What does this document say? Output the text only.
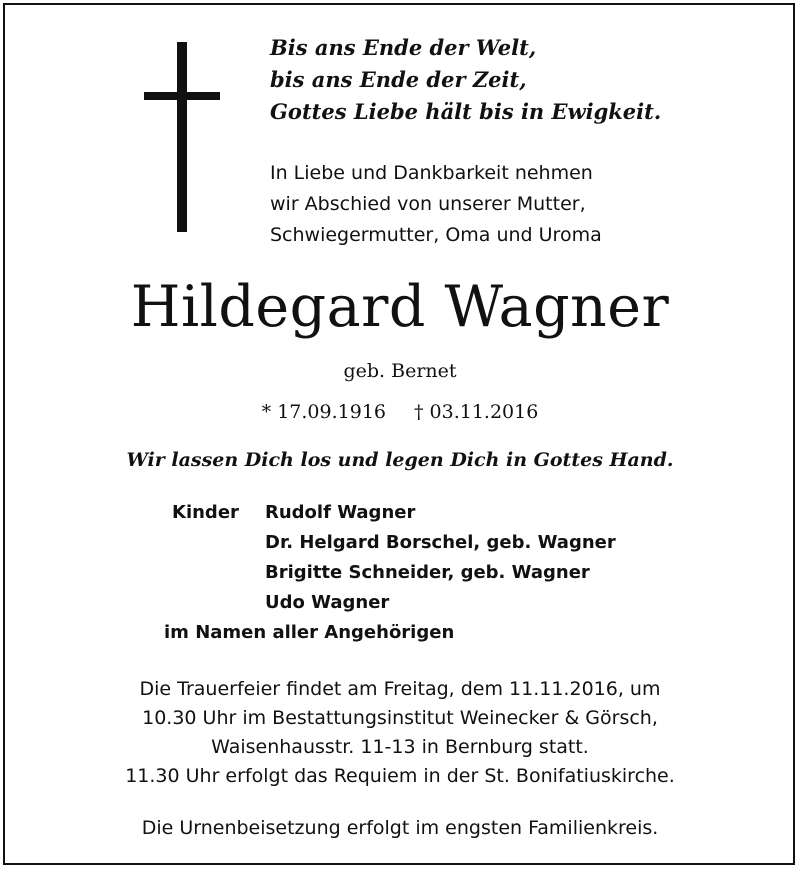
Bis ans Ende der Welt,
bis ans Ende der Zeit,
Gottes Liebe hält bis in Ewigkeit.
In Liebe und Dankbarkeit nehmen
wir Abschied von unserer Mutter,
Schwiegermutter, Oma und Uroma
Hildegard Wagner
geb. Bernet
* 17.09.1916 † 03.11.2016
Wir lassen Dich los und legen Dich in Gottes Hand.
Kinder Rudolf Wagner
Dr. Helgard Borschel, geb. Wagner
Brigitte Schneider, geb. Wagner
Udo Wagner
im Namen aller Angehörigen
Die Trauerfeier findet am Freitag, dem 11.11.2016, um
10.30 Uhr im Bestattungsinstitut Weinecker & Görsch,
Waisenhausstr. 11-13 in Bernburg statt.
11.30 Uhr erfolgt das Requiem in der St. Bonifatiuskirche.
Die Urnenbeisetzung erfolgt im engsten Familienkreis.
